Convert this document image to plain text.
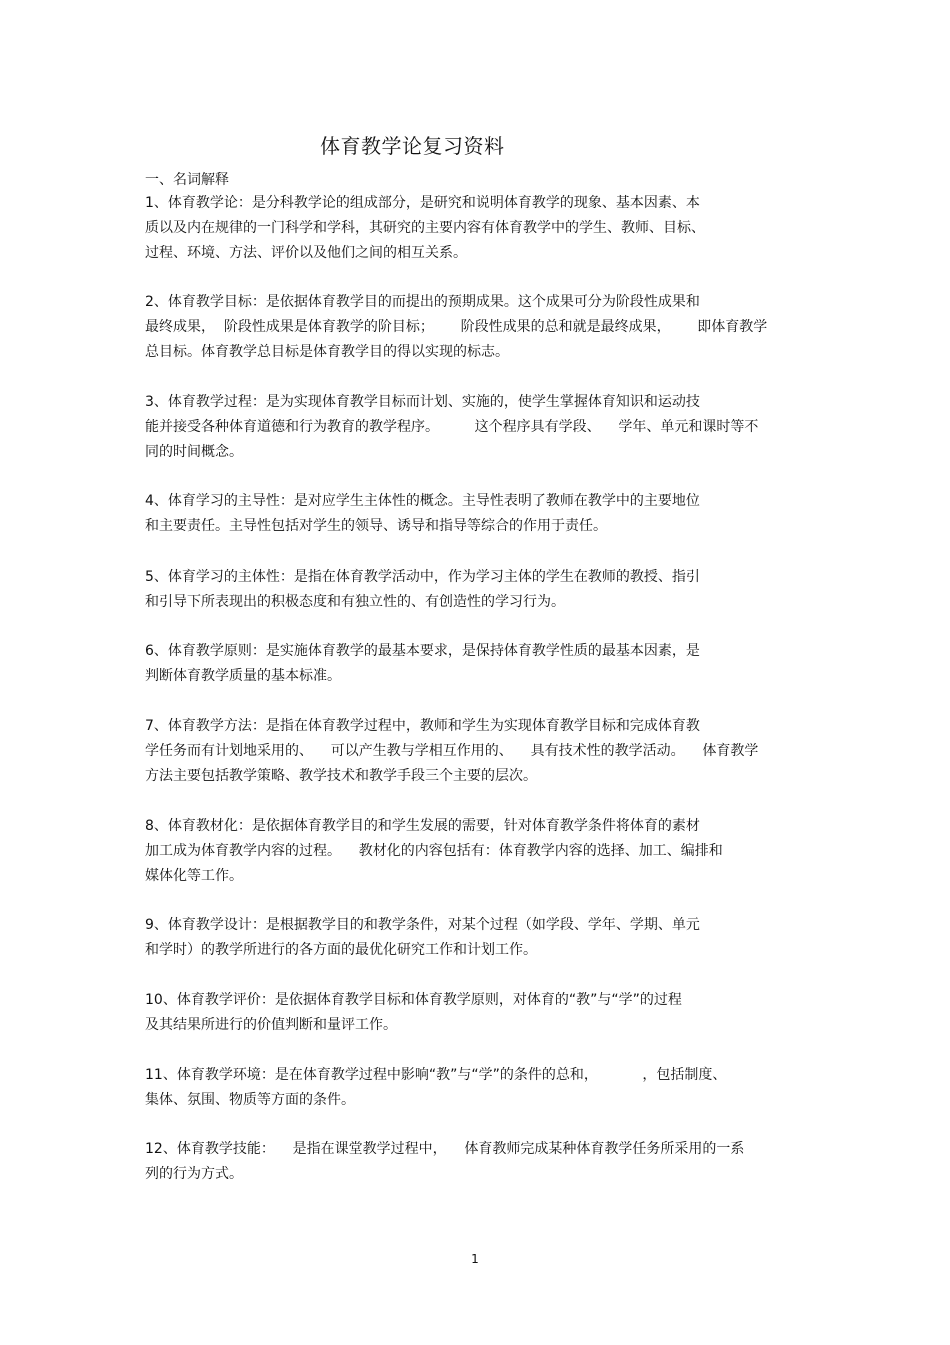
体育教学论复习资料
一、名词解释
1、体育教学论：是分科教学论的组成部分，是研究和说明体育教学的现象、基本因素、本
质以及内在规律的一门科学和学科，其研究的主要内容有体育教学中的学生、教师、目标、
过程、环境、方法、评价以及他们之间的相互关系。
2、体育教学目标：是依据体育教学目的而提出的预期成果。这个成果可分为阶段性成果和
最终成果，  阶段性成果是体育教学的阶目标；      阶段性成果的总和就是最终成果，      即体育教学
总目标。体育教学总目标是体育教学目的得以实现的标志。
3、体育教学过程：是为实现体育教学目标而计划、实施的，使学生掌握体育知识和运动技
能并接受各种体育道德和行为教育的教学程序。        这个程序具有学段、    学年、单元和课时等不
同的时间概念。
4、体育学习的主导性：是对应学生主体性的概念。主导性表明了教师在教学中的主要地位
和主要责任。主导性包括对学生的领导、诱导和指导等综合的作用于责任。
5、体育学习的主体性：是指在体育教学活动中，作为学习主体的学生在教师的教授、指引
和引导下所表现出的积极态度和有独立性的、有创造性的学习行为。
6、体育教学原则：是实施体育教学的最基本要求，是保持体育教学性质的最基本因素，是
判断体育教学质量的基本标准。
7、体育教学方法：是指在体育教学过程中，教师和学生为实现体育教学目标和完成体育教
学任务而有计划地采用的、    可以产生教与学相互作用的、    具有技术性的教学活动。    体育教学
方法主要包括教学策略、教学技术和教学手段三个主要的层次。
8、体育教材化：是依据体育教学目的和学生发展的需要，针对体育教学条件将体育的素材
加工成为体育教学内容的过程。    教材化的内容包括有：体育教学内容的选择、加工、编排和
媒体化等工作。
9、体育教学设计：是根据教学目的和教学条件，对某个过程（如学段、学年、学期、单元
和学时）的教学所进行的各方面的最优化研究工作和计划工作。
10、体育教学评价：是依据体育教学目标和体育教学原则，对体育的“教”与“学”的过程
及其结果所进行的价值判断和量评工作。
11、体育教学环境：是在体育教学过程中影响“教”与“学”的条件的总和，          ，包括制度、
集体、氛围、物质等方面的条件。
12、体育教学技能：    是指在课堂教学过程中，    体育教师完成某种体育教学任务所采用的一系
列的行为方式。
1
